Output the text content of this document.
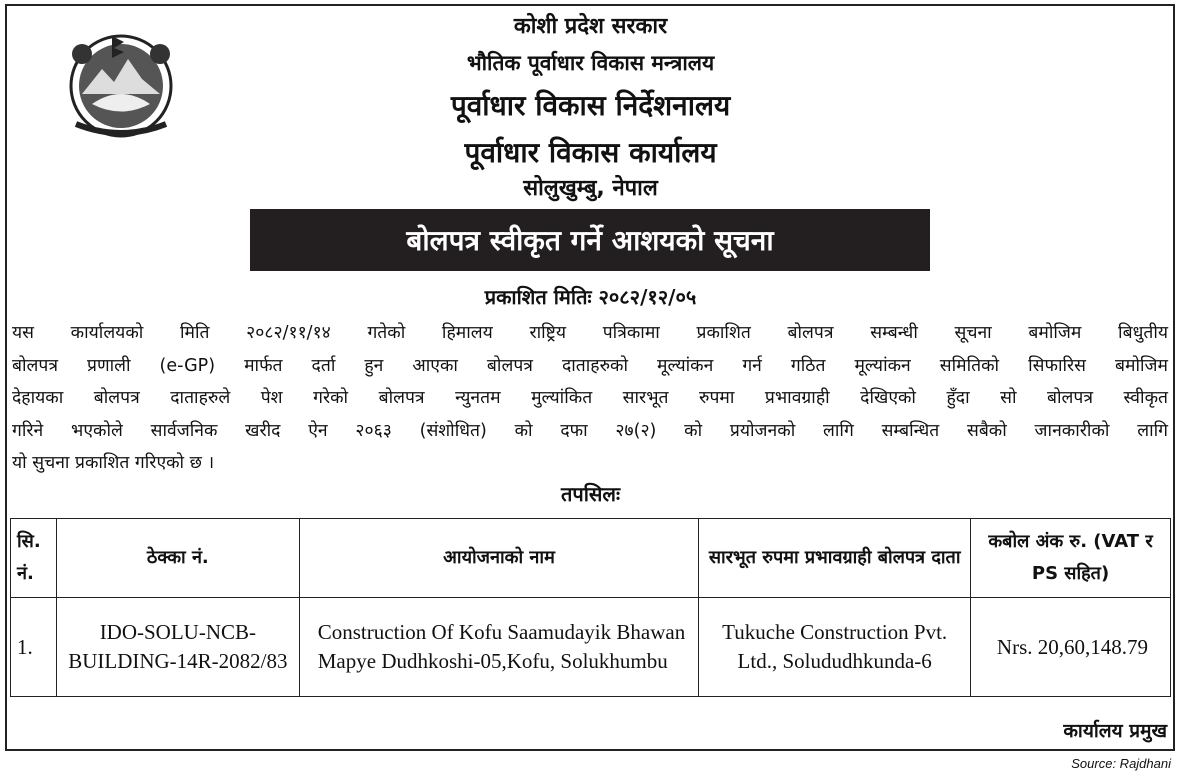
कोशी प्रदेश सरकार
भौतिक पूर्वाधार विकास मन्त्रालय
पूर्वाधार विकास निर्देशनालय
पूर्वाधार विकास कार्यालय
सोलुखुम्बु, नेपाल
बोलपत्र स्वीकृत गर्ने आशयको सूचना
प्रकाशित मितिः २०८२/१२/०५
यस कार्यालयको मिति २०८२/११/१४ गतेको हिमालय राष्ट्रिय पत्रिकामा प्रकाशित बोलपत्र सम्बन्धी सूचना बमोजिम बिधुतीय
बोलपत्र प्रणाली (e-GP) मार्फत दर्ता हुन आएका बोलपत्र दाताहरुको मूल्यांकन गर्न गठित मूल्यांकन समितिको सिफारिस बमोजिम
देहायका बोलपत्र दाताहरुले पेश गरेको बोलपत्र न्युनतम मुल्यांकित सारभूत रुपमा प्रभावग्राही देखिएको हुँदा सो बोलपत्र स्वीकृत
गरिने भएकोले सार्वजनिक खरीद ऐन २०६३ (संशोधित) को दफा २७(२) को प्रयोजनको लागि सम्बन्धित सबैको जानकारीको लागि
यो सुचना प्रकाशित गरिएको छ ।
तपसिलः
सि. नं.	ठेक्का नं.	आयोजनाको नाम	सारभूत रुपमा प्रभावग्राही बोलपत्र दाता	कबोल अंक रु. (VAT र PS सहित)
1.	IDO-SOLU-NCB-BUILDING-14R-2082/83	Construction Of Kofu Saamudayik Bhawan Mapye Dudhkoshi-05,Kofu, Solukhumbu	Tukuche Construction Pvt. Ltd., Solududhkunda-6	Nrs. 20,60,148.79
कार्यालय प्रमुख
Source: Rajdhani
